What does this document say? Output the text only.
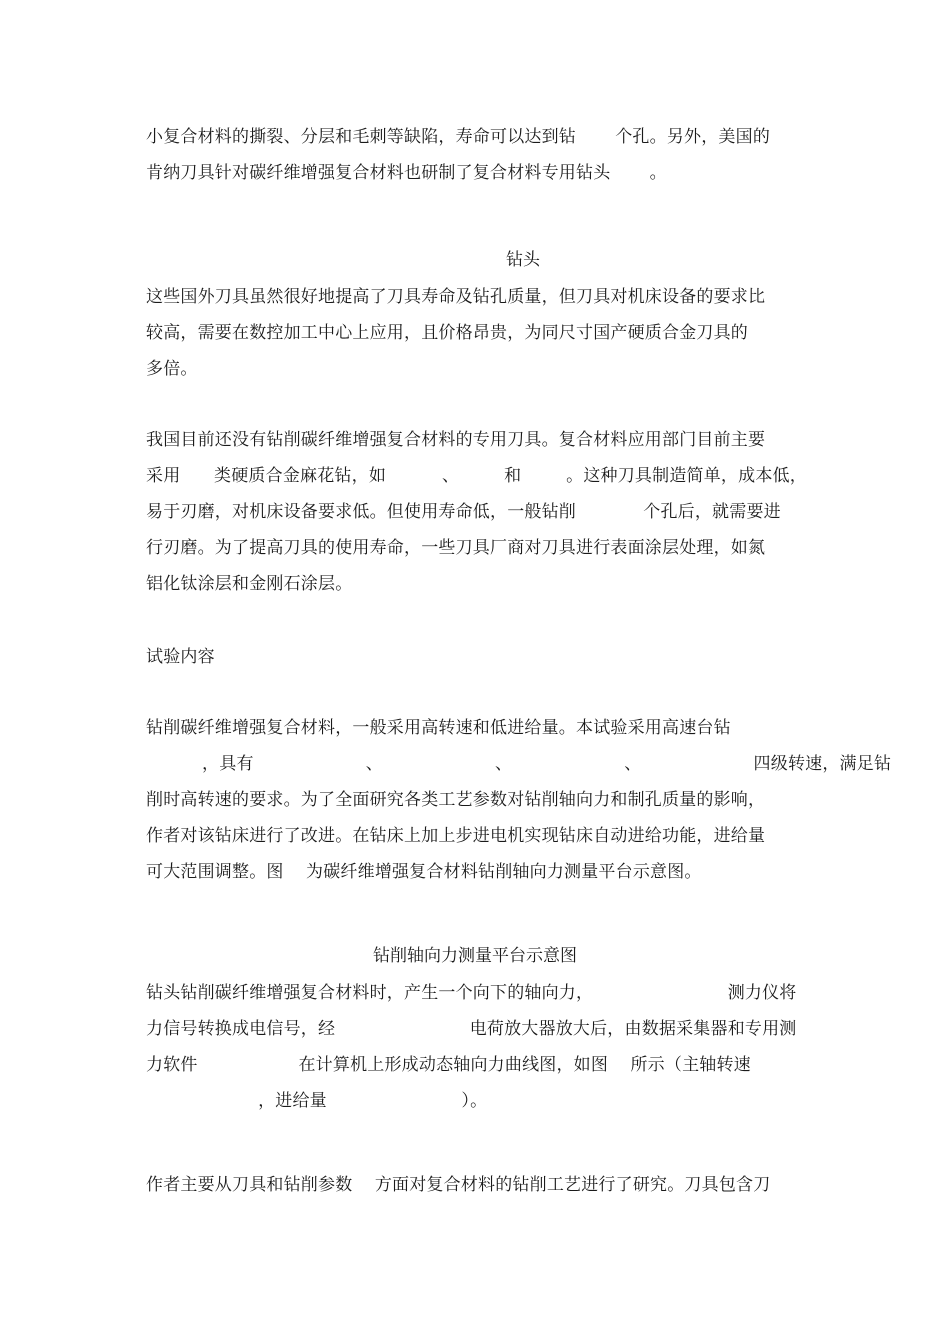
小复合材料的撕裂、分层和毛刺等缺陷，寿命可以达到钻       个孔。另外，美国的
肯纳刀具针对碳纤维增强复合材料也研制了复合材料专用钻头       。
钻头
这些国外刀具虽然很好地提高了刀具寿命及钻孔质量，但刀具对机床设备的要求比
较高，需要在数控加工中心上应用，且价格昂贵，为同尺寸国产硬质合金刀具的
多倍。
我国目前还没有钻削碳纤维增强复合材料的专用刀具。复合材料应用部门目前主要
采用      类硬质合金麻花钻，如          、        和        。这种刀具制造简单，成本低，
易于刃磨，对机床设备要求低。但使用寿命低，一般钻削            个孔后，就需要进
行刃磨。为了提高刀具的使用寿命，一些刀具厂商对刀具进行表面涂层处理，如氮
铝化钛涂层和金刚石涂层。
试验内容
钻削碳纤维增强复合材料，一般采用高转速和低进给量。本试验采用高速台钻
，具有                    、                    、                    、                    四级转速，满足钻
削时高转速的要求。为了全面研究各类工艺参数对钻削轴向力和制孔质量的影响，
作者对该钻床进行了改进。在钻床上加上步进电机实现钻床自动进给功能，进给量
可大范围调整。图    为碳纤维增强复合材料钻削轴向力测量平台示意图。
钻削轴向力测量平台示意图
钻头钻削碳纤维增强复合材料时，产生一个向下的轴向力，                        测力仪将
力信号转换成电信号，经                        电荷放大器放大后，由数据采集器和专用测
力软件                  在计算机上形成动态轴向力曲线图，如图    所示（主轴转速
，进给量                        ）。
作者主要从刀具和钻削参数    方面对复合材料的钻削工艺进行了研究。刀具包含刀
